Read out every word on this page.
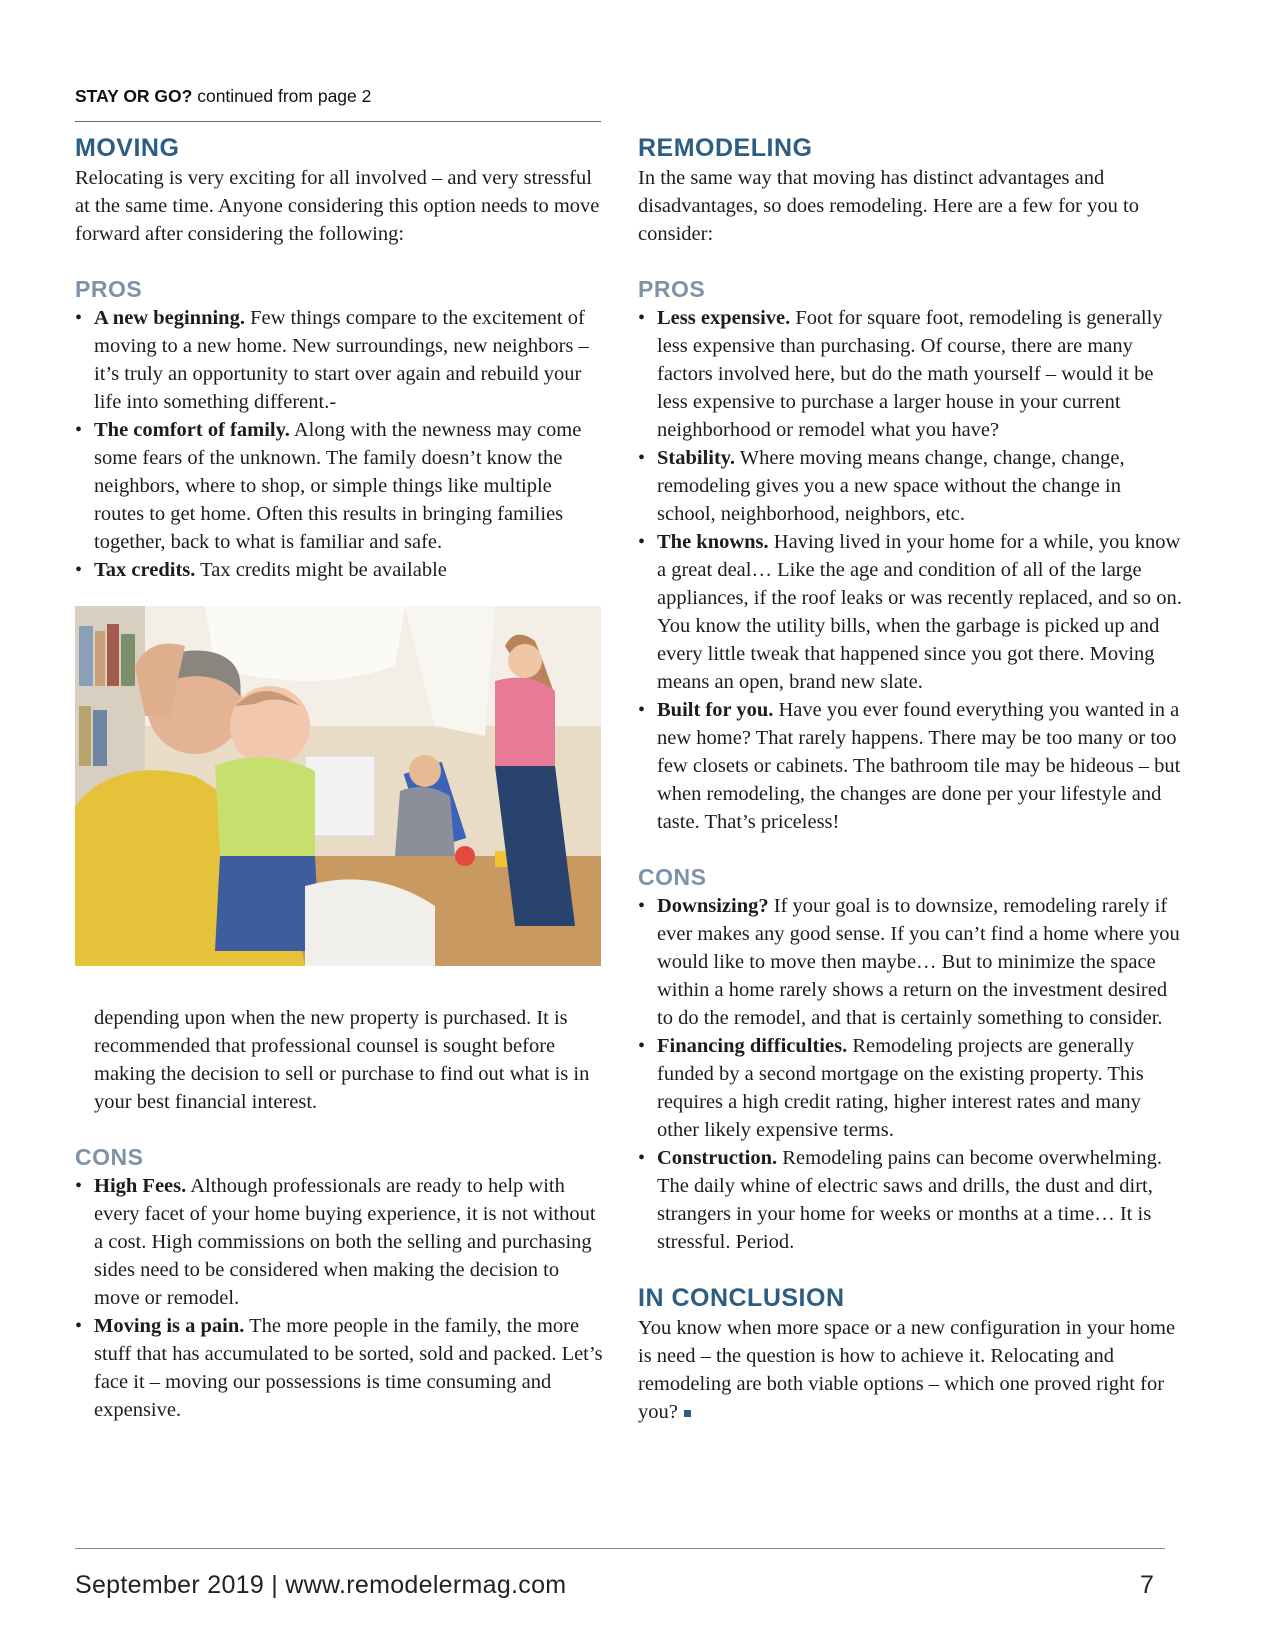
STAY OR GO? continued from page 2
MOVING

Relocating is very exciting for all involved – and very stressful at the same time. Anyone considering this option needs to move forward after considering the following:

PROS
• A new beginning. Few things compare to the excitement of moving to a new home. New surroundings, new neighbors – it’s truly an opportunity to start over again and rebuild your life into something different.-
• The comfort of family. Along with the newness may come some fears of the unknown. The family doesn’t know the neighbors, where to shop, or simple things like multiple routes to get home. Often this results in bringing families together, back to what is familiar and safe.
• Tax credits. Tax credits might be available
depending upon when the new property is purchased. It is recommended that professional counsel is sought before making the decision to sell or purchase to find out what is in your best financial interest.
CONS
• High Fees. Although professionals are ready to help with every facet of your home buying experience, it is not without a cost. High commissions on both the selling and purchasing sides need to be considered when making the decision to move or remodel.
• Moving is a pain. The more people in the family, the more stuff that has accumulated to be sorted, sold and packed. Let’s face it – moving our possessions is time consuming and expensive.
REMODELING

In the same way that moving has distinct advantages and disadvantages, so does remodeling. Here are a few for you to consider:

PROS
• Less expensive. Foot for square foot, remodeling is generally less expensive than purchasing. Of course, there are many factors involved here, but do the math yourself – would it be less expensive to purchase a larger house in your current neighborhood or remodel what you have?
• Stability. Where moving means change, change, change, remodeling gives you a new space without the change in school, neighborhood, neighbors, etc.
• The knowns. Having lived in your home for a while, you know a great deal… Like the age and condition of all of the large appliances, if the roof leaks or was recently replaced, and so on. You know the utility bills, when the garbage is picked up and every little tweak that happened since you got there. Moving means an open, brand new slate.
• Built for you. Have you ever found everything you wanted in a new home? That rarely happens. There may be too many or too few closets or cabinets. The bathroom tile may be hideous – but when remodeling, the changes are done per your lifestyle and taste. That’s priceless!
CONS
• Downsizing? If your goal is to downsize, remodeling rarely if ever makes any good sense. If you can’t find a home where you would like to move then maybe… But to minimize the space within a home rarely shows a return on the investment desired to do the remodel, and that is certainly something to consider.
• Financing difficulties. Remodeling projects are generally funded by a second mortgage on the existing property. This requires a high credit rating, higher interest rates and many other likely expensive terms.
• Construction. Remodeling pains can become overwhelming. The daily whine of electric saws and drills, the dust and dirt, strangers in your home for weeks or months at a time… It is stressful. Period.
IN CONCLUSION

You know when more space or a new configuration in your home is need – the question is how to achieve it. Relocating and remodeling are both viable options – which one proved right for you?

September 2019 | www.remodelermag.com	7
